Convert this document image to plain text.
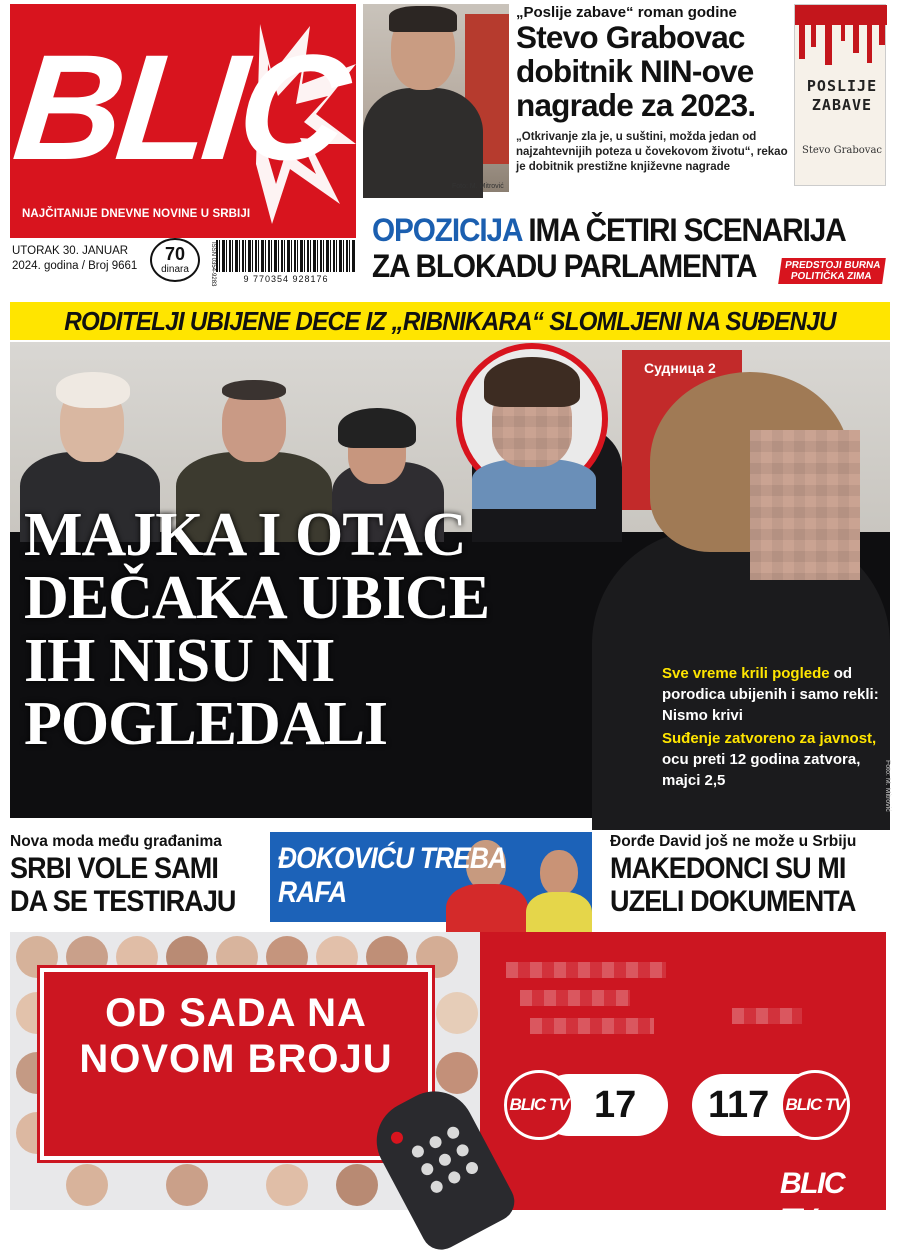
BLIC
NAJČITANIJE DNEVNE NOVINE U SRBIJI
UTORAK 30. JANUAR
2024. godina / Broj 9661
70
dinara
9 770354 928176
ISSN 0354-9283
Foto: M. Mitrović
„Poslije zabave“ roman godine
Stevo Grabovac dobitnik NIN-ove nagrade za 2023.
„Otkrivanje zla je, u suštini, možda jedan od najzahtevnijih poteza u čovekovom životu“, rekao je dobitnik prestižne književne nagrade
POSLIJE ZABAVE
Stevo Grabovac
OPOZICIJA IMA ČETIRI SCENARIJA ZA BLOKADU PARLAMENTA	PREDSTOJI BURNA POLITIČKA ZIMA
RODITELJI UBIJENE DECE IZ „RIBNIKARA“ SLOMLJENI NA SUĐENJU
Судница 2
MAJKA I OTAC DEČAKA UBICE IH NISU NI POGLEDALI
Sve vreme krili poglede od porodica ubijenih i samo rekli: Nismo krivi
Suđenje zatvoreno za javnost, ocu preti 12 godina zatvora, majci 2,5	Foto: M. Mitrović
Nova moda među građanima
SRBI VOLE SAMI DA SE TESTIRAJU
ĐOKOVIĆU TREBA RAFA
Đorđe David još ne može u Srbiju
MAKEDONCI SU MI UZELI DOKUMENTA
OD SADA NA NOVOM BROJU
BLIC TV 17 117 BLIC TV
BLIC TV
